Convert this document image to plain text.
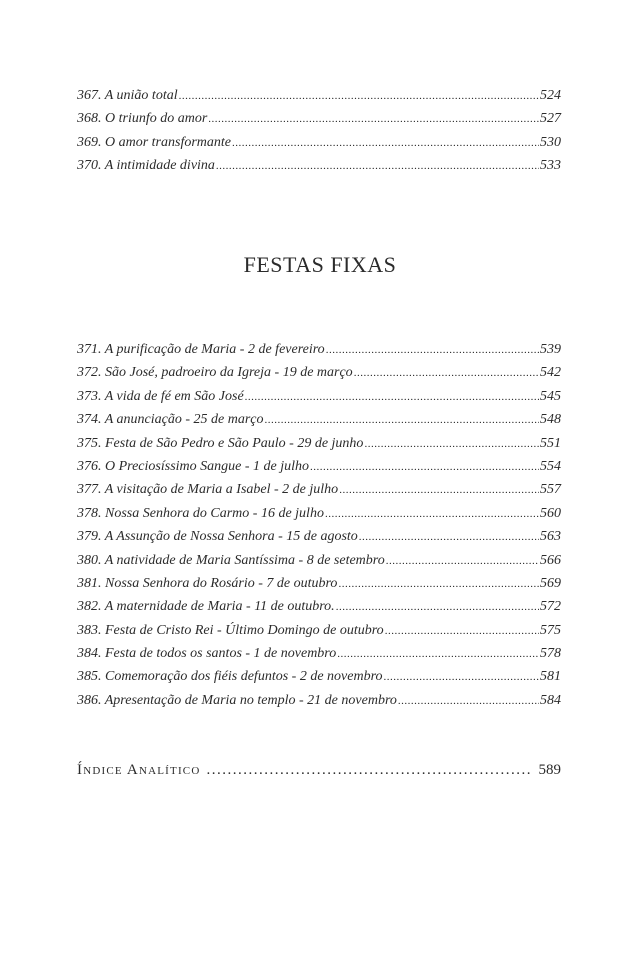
367. A união total .....	524
368. O triunfo do amor .....	527
369. O amor transformante .....	530
370. A intimidade divina .....	533
FESTAS FIXAS
371. A purificação de Maria - 2 de fevereiro .....	539
372. São José, padroeiro da Igreja - 19 de março .....	542
373. A vida de fé em São José .....	545
374. A anunciação - 25 de março .....	548
375. Festa de São Pedro e São Paulo - 29 de junho .....	551
376. O Preciosíssimo Sangue - 1 de julho .....	554
377. A visitação de Maria a Isabel - 2 de julho .....	557
378. Nossa Senhora do Carmo - 16 de julho .....	560
379. A Assunção de Nossa Senhora - 15 de agosto .....	563
380. A natividade de Maria Santíssima - 8 de setembro .....	566
381. Nossa Senhora do Rosário - 7 de outubro .....	569
382. A maternidade de Maria - 11 de outubro. .....	572
383. Festa de Cristo Rei - Último Domingo de outubro .....	575
384. Festa de todos os santos - 1 de novembro .....	578
385. Comemoração dos fiéis defuntos - 2 de novembro .....	581
386. Apresentação de Maria no templo - 21 de novembro .....	584
Índice Analítico .....	589
